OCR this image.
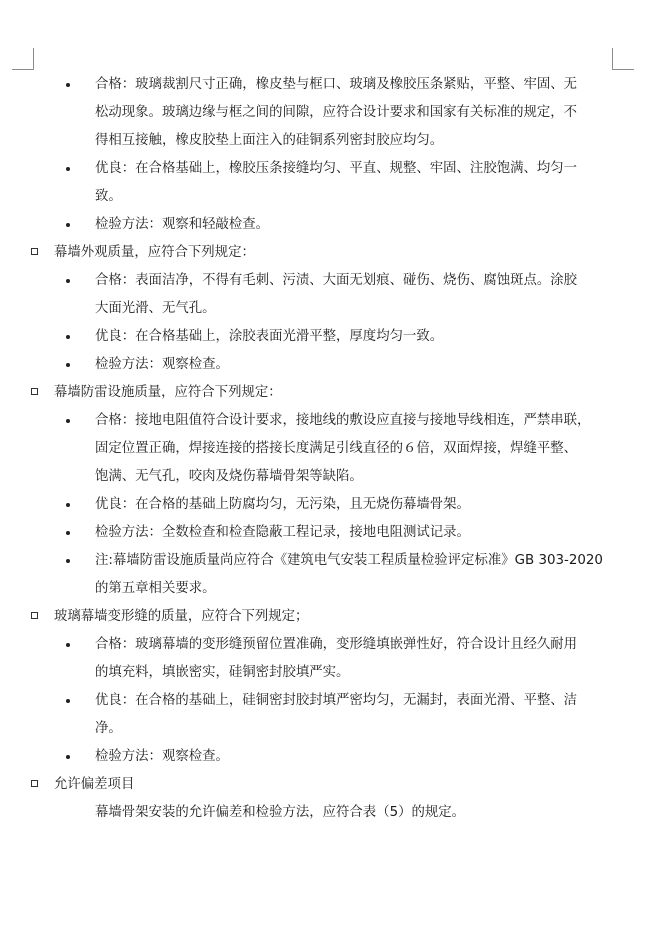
合格：玻璃裁割尺寸正确，橡皮垫与框口、玻璃及橡胶压条紧贴，平整、牢固、无
松动现象。玻璃边缘与框之间的间隙，应符合设计要求和国家有关标准的规定，不
得相互接触，橡皮胶垫上面注入的硅铜系列密封胶应均匀。
优良：在合格基础上，橡胶压条接缝均匀、平直、规整、牢固、注胶饱满、均匀一
致。
检验方法：观察和轻敲检查。
幕墙外观质量，应符合下列规定：
合格：表面洁净，不得有毛刺、污渍、大面无划痕、碰伤、烧伤、腐蚀斑点。涂胶
大面光滑、无气孔。
优良：在合格基础上，涂胶表面光滑平整，厚度均匀一致。
检验方法：观察检查。
幕墙防雷设施质量，应符合下列规定：
合格：接地电阻值符合设计要求，接地线的敷设应直接与接地导线相连，严禁串联，
固定位置正确，焊接连接的搭接长度满足引线直径的６倍，双面焊接，焊缝平整、
饱满、无气孔，咬肉及烧伤幕墙骨架等缺陷。
优良：在合格的基础上防腐均匀，无污染，且无烧伤幕墙骨架。
检验方法：全数检查和检查隐蔽工程记录，接地电阻测试记录。
注:幕墙防雷设施质量尚应符合《建筑电气安装工程质量检验评定标准》GB 303-2020
的第五章相关要求。
玻璃幕墙变形缝的质量，应符合下列规定；
合格：玻璃幕墙的变形缝预留位置准确，变形缝填嵌弹性好，符合设计且经久耐用
的填充料，填嵌密实，硅铜密封胶填严实。
优良：在合格的基础上，硅铜密封胶封填严密均匀，无漏封，表面光滑、平整、洁
净。
检验方法：观察检查。
允许偏差项目
幕墙骨架安装的允许偏差和检验方法，应符合表（5）的规定。
